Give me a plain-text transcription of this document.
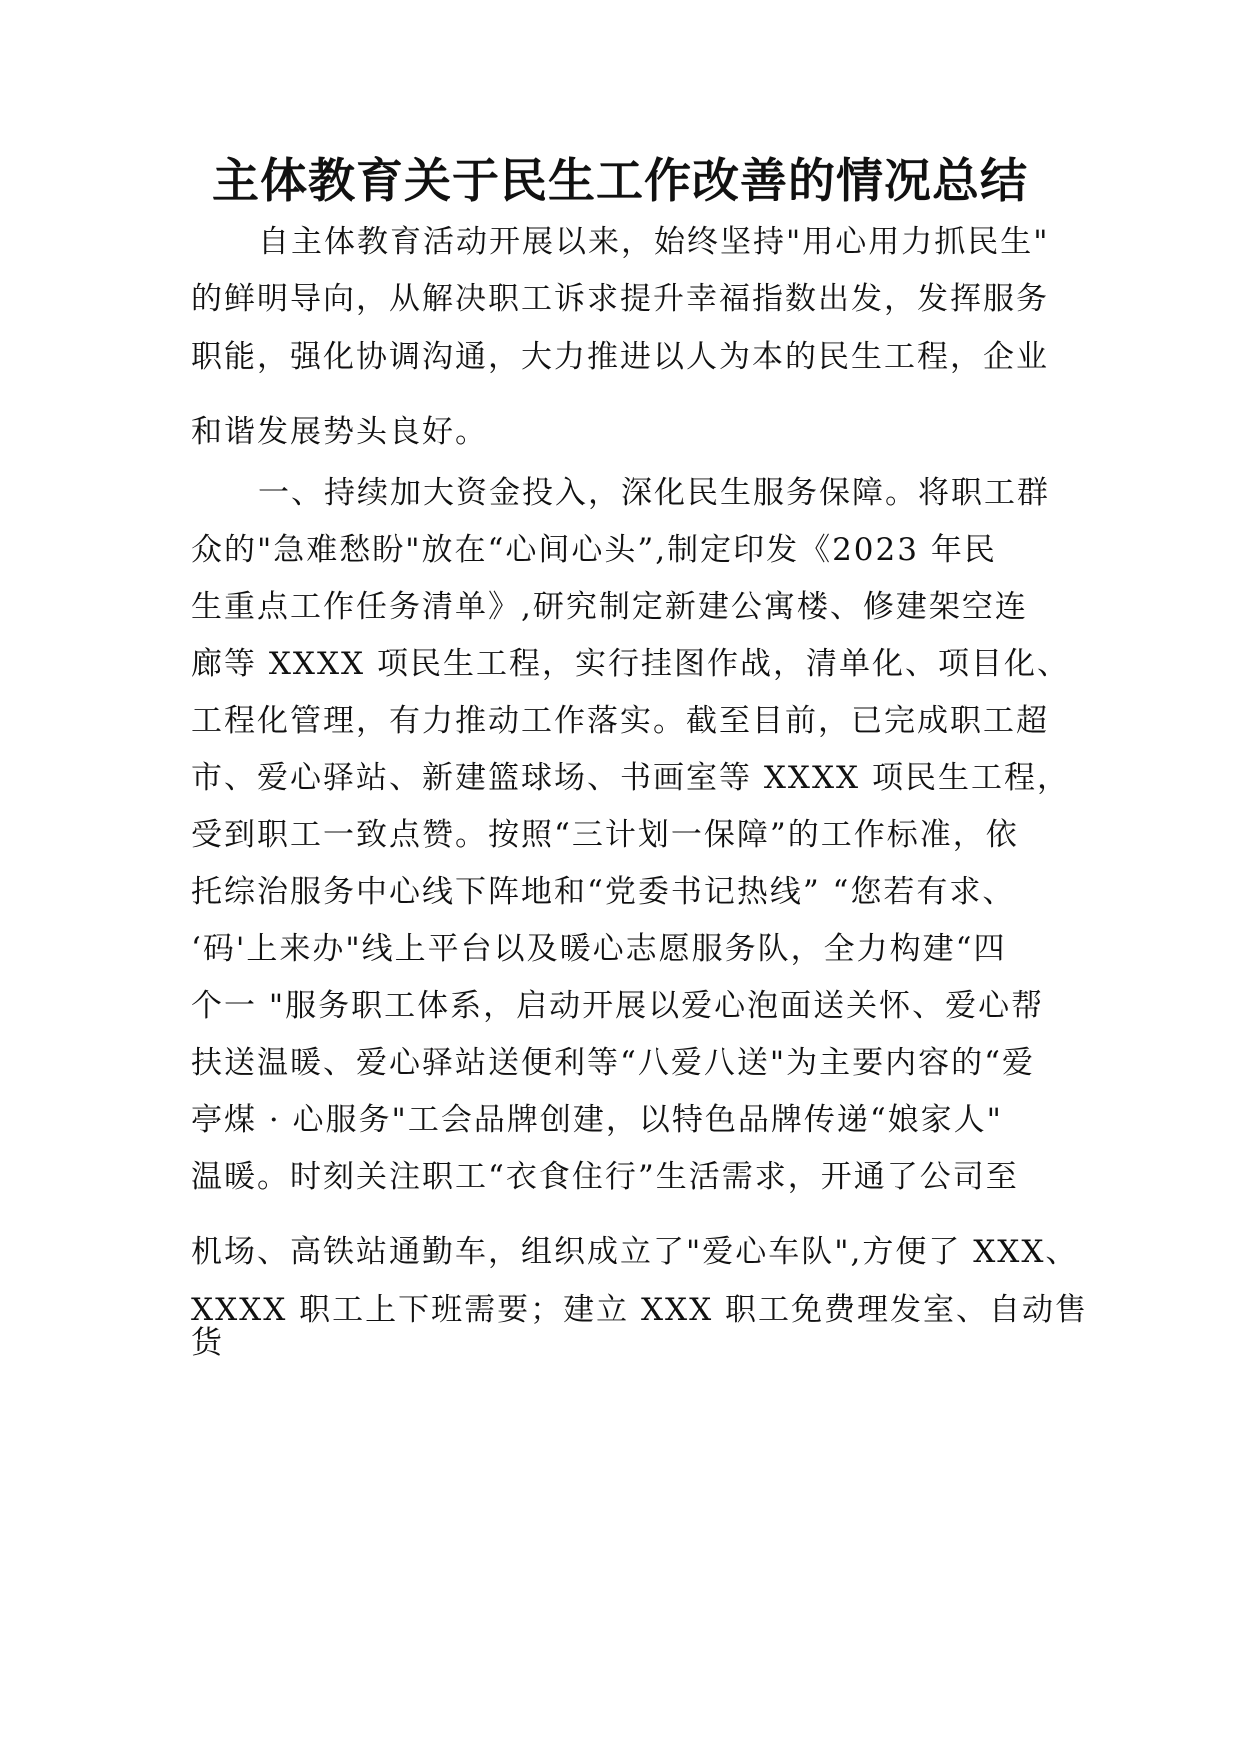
主体教育关于民生工作改善的情况总结
自主体教育活动开展以来，始终坚持"用心用力抓民生"
的鲜明导向，从解决职工诉求提升幸福指数出发，发挥服务
职能，强化协调沟通，大力推进以人为本的民生工程，企业
和谐发展势头良好。
一、持续加大资金投入，深化民生服务保障。将职工群
众的"急难愁盼"放在“心间心头”,制定印发《2023 年民
生重点工作任务清单》,研究制定新建公寓楼、修建架空连
廊等 XXXX 项民生工程，实行挂图作战，清单化、项目化、
工程化管理，有力推动工作落实。截至目前，已完成职工超
市、爱心驿站、新建篮球场、书画室等 XXXX 项民生工程，
受到职工一致点赞。按照“三计划一保障”的工作标准，依
托综治服务中心线下阵地和“党委书记热线” “您若有求、
‘码'上来办"线上平台以及暖心志愿服务队，全力构建“四
个一 "服务职工体系，启动开展以爱心泡面送关怀、爱心帮
扶送温暖、爱心驿站送便利等“八爱八送"为主要内容的“爱
亭煤 · 心服务"工会品牌创建，以特色品牌传递“娘家人"
温暖。时刻关注职工“衣食住行”生活需求，开通了公司至
机场、高铁站通勤车，组织成立了"爱心车队",方便了 XXX、
XXXX 职工上下班需要；建立 XXX 职工免费理发室、自动售
货
